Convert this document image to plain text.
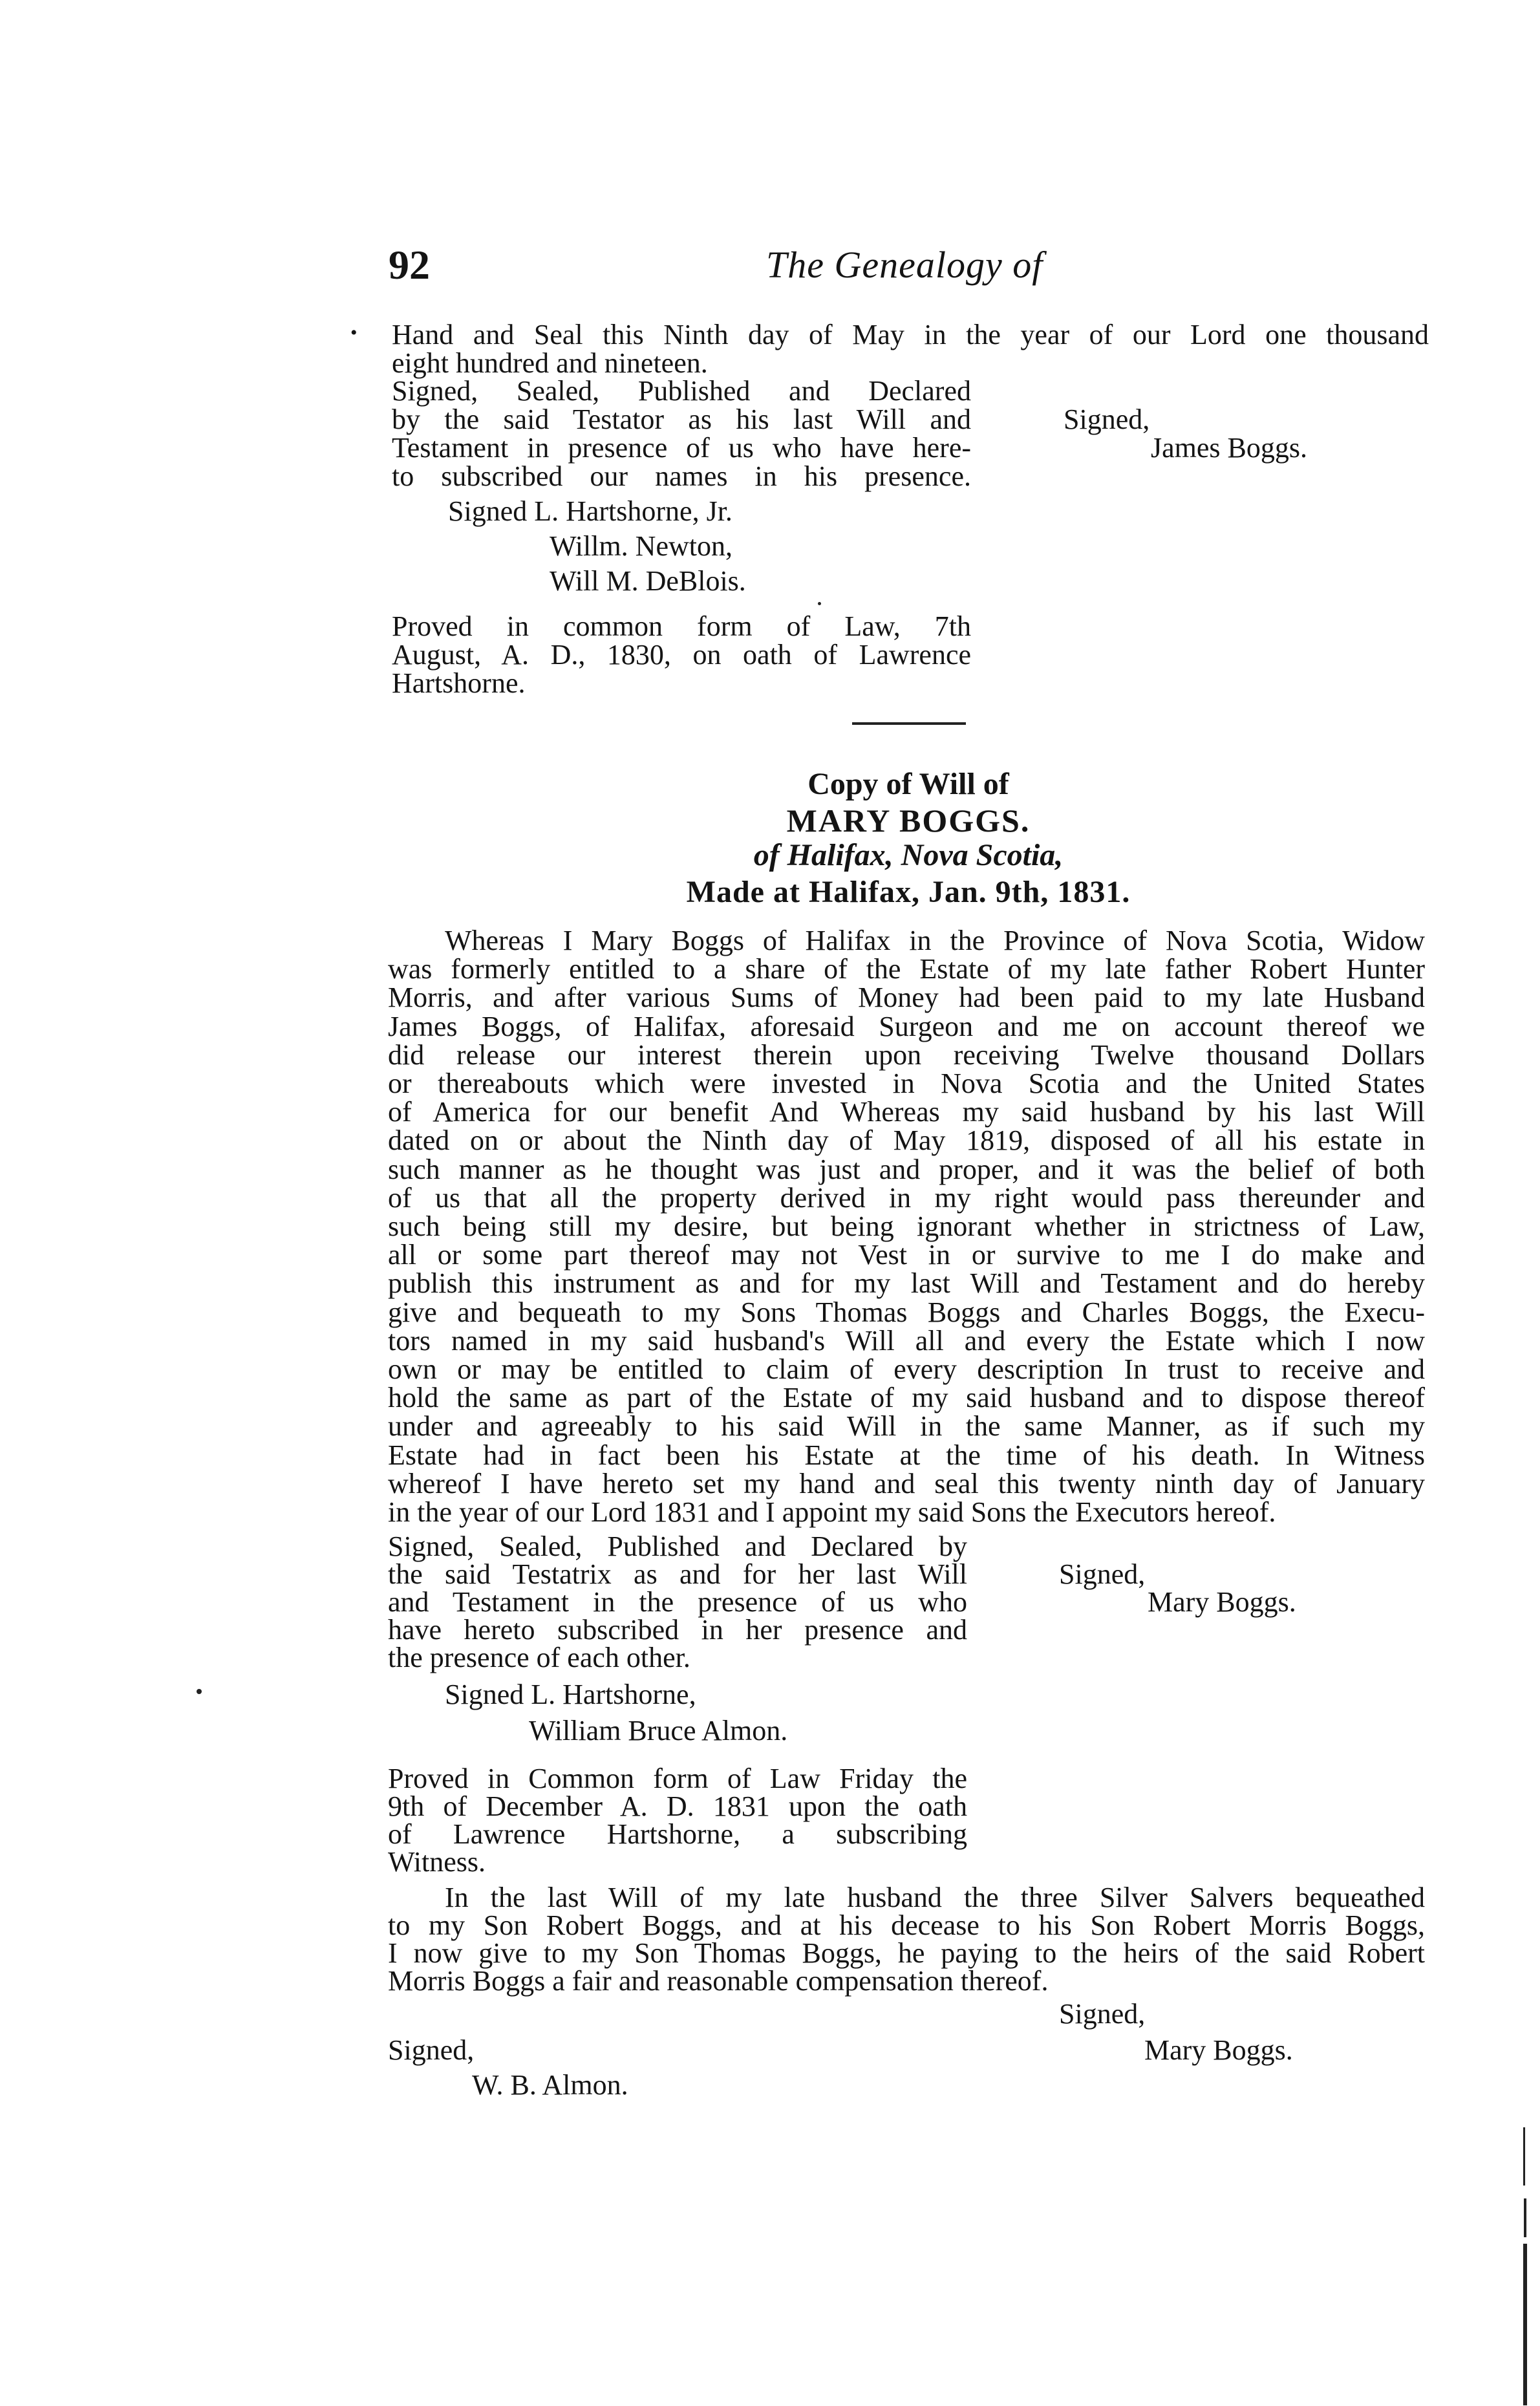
92	The Genealogy of
• Hand and Seal this Ninth day of May in the year of our Lord one thousand
eight hundred and nineteen.
Signed, Sealed, Published and Declared
by the said Testator as his last Will and
Testament in presence of us who have here-
to subscribed our names in his presence.
Signed,
James Boggs.
Signed L. Hartshorne, Jr.
Willm. Newton,
Will M. DeBlois.
Proved in common form of Law, 7th
August, A. D., 1830, on oath of Lawrence
Hartshorne.
Copy of Will of
MARY BOGGS.
of Halifax, Nova Scotia,
Made at Halifax, Jan. 9th, 1831.
Whereas I Mary Boggs of Halifax in the Province of Nova Scotia, Widow
was formerly entitled to a share of the Estate of my late father Robert Hunter
Morris, and after various Sums of Money had been paid to my late Husband
James Boggs, of Halifax, aforesaid Surgeon and me on account thereof we
did release our interest therein upon receiving Twelve thousand Dollars
or thereabouts which were invested in Nova Scotia and the United States
of America for our benefit And Whereas my said husband by his last Will
dated on or about the Ninth day of May 1819, disposed of all his estate in
such manner as he thought was just and proper, and it was the belief of both
of us that all the property derived in my right would pass thereunder and
such being still my desire, but being ignorant whether in strictness of Law,
all or some part thereof may not Vest in or survive to me I do make and
publish this instrument as and for my last Will and Testament and do hereby
give and bequeath to my Sons Thomas Boggs and Charles Boggs, the Execu-
tors named in my said husband's Will all and every the Estate which I now
own or may be entitled to claim of every description In trust to receive and
hold the same as part of the Estate of my said husband and to dispose thereof
under and agreeably to his said Will in the same Manner, as if such my
Estate had in fact been his Estate at the time of his death. In Witness
whereof I have hereto set my hand and seal this twenty ninth day of January
in the year of our Lord 1831 and I appoint my said Sons the Executors hereof.
Signed, Sealed, Published and Declared by
the said Testatrix as and for her last Will
and Testament in the presence of us who
have hereto subscribed in her presence and
the presence of each other.
Signed,
Mary Boggs.
Signed L. Hartshorne,
William Bruce Almon.
Proved in Common form of Law Friday the
9th of December A. D. 1831 upon the oath
of Lawrence Hartshorne, a subscribing
Witness.
In the last Will of my late husband the three Silver Salvers bequeathed
to my Son Robert Boggs, and at his decease to his Son Robert Morris Boggs,
I now give to my Son Thomas Boggs, he paying to the heirs of the said Robert
Morris Boggs a fair and reasonable compensation thereof.
Signed,
Mary Boggs.
Signed,
W. B. Almon.
